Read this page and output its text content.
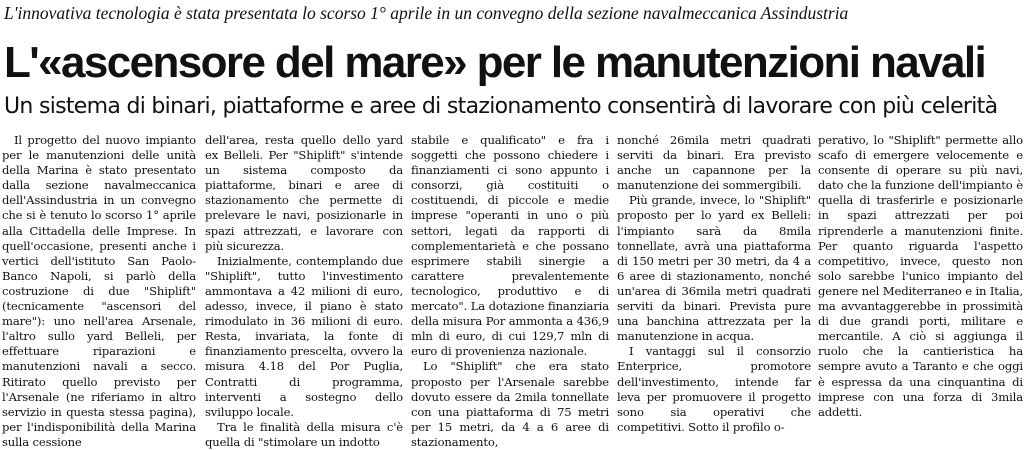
L'innovativa tecnologia è stata presentata lo scorso 1° aprile in un convegno della sezione navalmeccanica Assindustria
L'«ascensore del mare» per le manutenzioni navali
Un sistema di binari, piattaforme e aree di stazionamento consentirà di lavorare con più celerità

Il progetto del nuovo impianto per le manutenzioni delle unità della Marina è stato presentato dalla sezione navalmeccanica dell'Assindustria in un convegno che si è tenuto lo scorso 1° aprile alla Cittadella delle Imprese. In quell'occasione, presenti anche i vertici dell'istituto San Paolo-Banco Napoli, si parlò della costruzione di due "Shiplift" (tecnicamente "ascensori del mare"): uno nell'area Arsenale, l'altro sullo yard Belleli, per effettuare riparazioni e manutenzioni navali a secco. Ritirato quello previsto per l'Arsenale (ne riferiamo in altro servizio in questa stessa pagina), per l'indisponibilità della Marina sulla cessione

dell'area, resta quello dello yard ex Belleli. Per "Shiplift" s'intende un sistema composto da piattaforme, binari e aree di stazionamento che permette di prelevare le navi, posizionarle in spazi attrezzati, e lavorare con più sicurezza.

Inizialmente, contemplando due "Shiplift", tutto l'investimento ammontava a 42 milioni di euro, adesso, invece, il piano è stato rimodulato in 36 milioni di euro. Resta, invariata, la fonte di finanziamento prescelta, ovvero la misura 4.18 del Por Puglia, Contratti di programma, interventi a sostegno dello sviluppo locale.

Tra le finalità della misura c'è quella di "stimolare un indotto

stabile e qualificato" e fra i soggetti che possono chiedere i finanziamenti ci sono appunto i consorzi, già costituiti o costituendi, di piccole e medie imprese "operanti in uno o più settori, legati da rapporti di complementarietà e che possano esprimere stabili sinergie a carattere prevalentemente tecnologico, produttivo e di mercato". La dotazione finanziaria della misura Por ammonta a 436,9 mln di euro, di cui 129,7 mln di euro di provenienza nazionale.

Lo "Shiplift" che era stato proposto per l'Arsenale sarebbe dovuto essere da 2mila tonnellate con una piattaforma di 75 metri per 15 metri, da 4 a 6 aree di stazionamento,

nonché 26mila metri quadrati serviti da binari. Era previsto anche un capannone per la manutenzione dei sommergibili.

Più grande, invece, lo "Shiplift" proposto per lo yard ex Belleli: l'impianto sarà da 8mila tonnellate, avrà una piattaforma di 150 metri per 30 metri, da 4 a 6 aree di stazionamento, nonché un'area di 36mila metri quadrati serviti da binari. Prevista pure una banchina attrezzata per la manutenzione in acqua.

I vantaggi sul il consorzio Enterprice, promotore dell'investimento, intende far leva per promuovere il progetto sono sia operativi che competitivi. Sotto il profilo o-

perativo, lo "Shiplift" permette allo scafo di emergere velocemente e consente di operare su più navi, dato che la funzione dell'impianto è quella di trasferirle e posizionarle in spazi attrezzati per poi riprenderle a manutenzioni finite. Per quanto riguarda l'aspetto competitivo, invece, questo non solo sarebbe l'unico impianto del genere nel Mediterraneo e in Italia, ma avvantaggerebbe in prossimità di due grandi porti, militare e mercantile. A ciò si aggiunga il ruolo che la cantieristica ha sempre avuto a Taranto e che oggi è espressa da una cinquantina di imprese con una forza di 3mila addetti.
